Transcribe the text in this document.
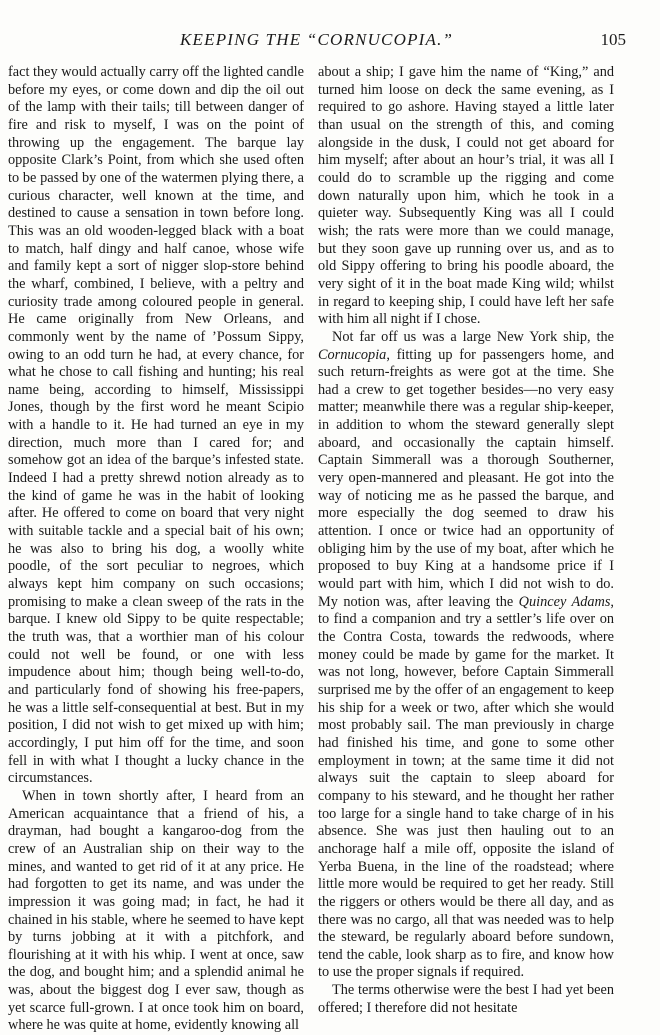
KEEPING THE “CORNUCOPIA.”	105

fact they would actually carry off the lighted candle before my eyes, or come down and dip the oil out of the lamp with their tails; till between danger of fire and risk to myself, I was on the point of throwing up the engagement. The barque lay opposite Clark’s Point, from which she used often to be passed by one of the watermen plying there, a curious character, well known at the time, and destined to cause a sensation in town before long. This was an old wooden-legged black with a boat to match, half dingy and half canoe, whose wife and family kept a sort of nigger slop-store behind the wharf, combined, I believe, with a peltry and curiosity trade among coloured people in general. He came originally from New Orleans, and commonly went by the name of ’Possum Sippy, owing to an odd turn he had, at every chance, for what he chose to call fishing and hunting; his real name being, according to himself, Mississippi Jones, though by the first word he meant Scipio with a handle to it. He had turned an eye in my direction, much more than I cared for; and somehow got an idea of the barque’s infested state. Indeed I had a pretty shrewd notion already as to the kind of game he was in the habit of looking after. He offered to come on board that very night with suitable tackle and a special bait of his own; he was also to bring his dog, a woolly white poodle, of the sort peculiar to negroes, which always kept him company on such occasions; promising to make a clean sweep of the rats in the barque. I knew old Sippy to be quite respectable; the truth was, that a worthier man of his colour could not well be found, or one with less impudence about him; though being well-to-do, and particularly fond of showing his free-papers, he was a little self-consequential at best. But in my position, I did not wish to get mixed up with him; accordingly, I put him off for the time, and soon fell in with what I thought a lucky chance in the circumstances.

When in town shortly after, I heard from an American acquaintance that a friend of his, a drayman, had bought a kangaroo-dog from the crew of an Australian ship on their way to the mines, and wanted to get rid of it at any price. He had forgotten to get its name, and was under the impression it was going mad; in fact, he had it chained in his stable, where he seemed to have kept by turns jobbing at it with a pitchfork, and flourishing at it with his whip. I went at once, saw the dog, and bought him; and a splendid animal he was, about the biggest dog I ever saw, though as yet scarce full-grown. I at once took him on board, where he was quite at home, evidently knowing all

about a ship; I gave him the name of “King,” and turned him loose on deck the same evening, as I required to go ashore. Having stayed a little later than usual on the strength of this, and coming alongside in the dusk, I could not get aboard for him myself; after about an hour’s trial, it was all I could do to scramble up the rigging and come down naturally upon him, which he took in a quieter way. Subsequently King was all I could wish; the rats were more than we could manage, but they soon gave up running over us, and as to old Sippy offering to bring his poodle aboard, the very sight of it in the boat made King wild; whilst in regard to keeping ship, I could have left her safe with him all night if I chose.

Not far off us was a large New York ship, the Cornucopia, fitting up for passengers home, and such return-freights as were got at the time. She had a crew to get together besides—no very easy matter; meanwhile there was a regular ship-keeper, in addition to whom the steward generally slept aboard, and occasionally the captain himself. Captain Simmerall was a thorough Southerner, very open-mannered and pleasant. He got into the way of noticing me as he passed the barque, and more especially the dog seemed to draw his attention. I once or twice had an opportunity of obliging him by the use of my boat, after which he proposed to buy King at a handsome price if I would part with him, which I did not wish to do. My notion was, after leaving the Quincey Adams, to find a companion and try a settler’s life over on the Contra Costa, towards the redwoods, where money could be made by game for the market. It was not long, however, before Captain Simmerall surprised me by the offer of an engagement to keep his ship for a week or two, after which she would most probably sail. The man previously in charge had finished his time, and gone to some other employment in town; at the same time it did not always suit the captain to sleep aboard for company to his steward, and he thought her rather too large for a single hand to take charge of in his absence. She was just then hauling out to an anchorage half a mile off, opposite the island of Yerba Buena, in the line of the roadstead; where little more would be required to get her ready. Still the riggers or others would be there all day, and as there was no cargo, all that was needed was to help the steward, be regularly aboard before sundown, tend the cable, look sharp as to fire, and know how to use the proper signals if required.

The terms otherwise were the best I had yet been offered; I therefore did not hesitate
